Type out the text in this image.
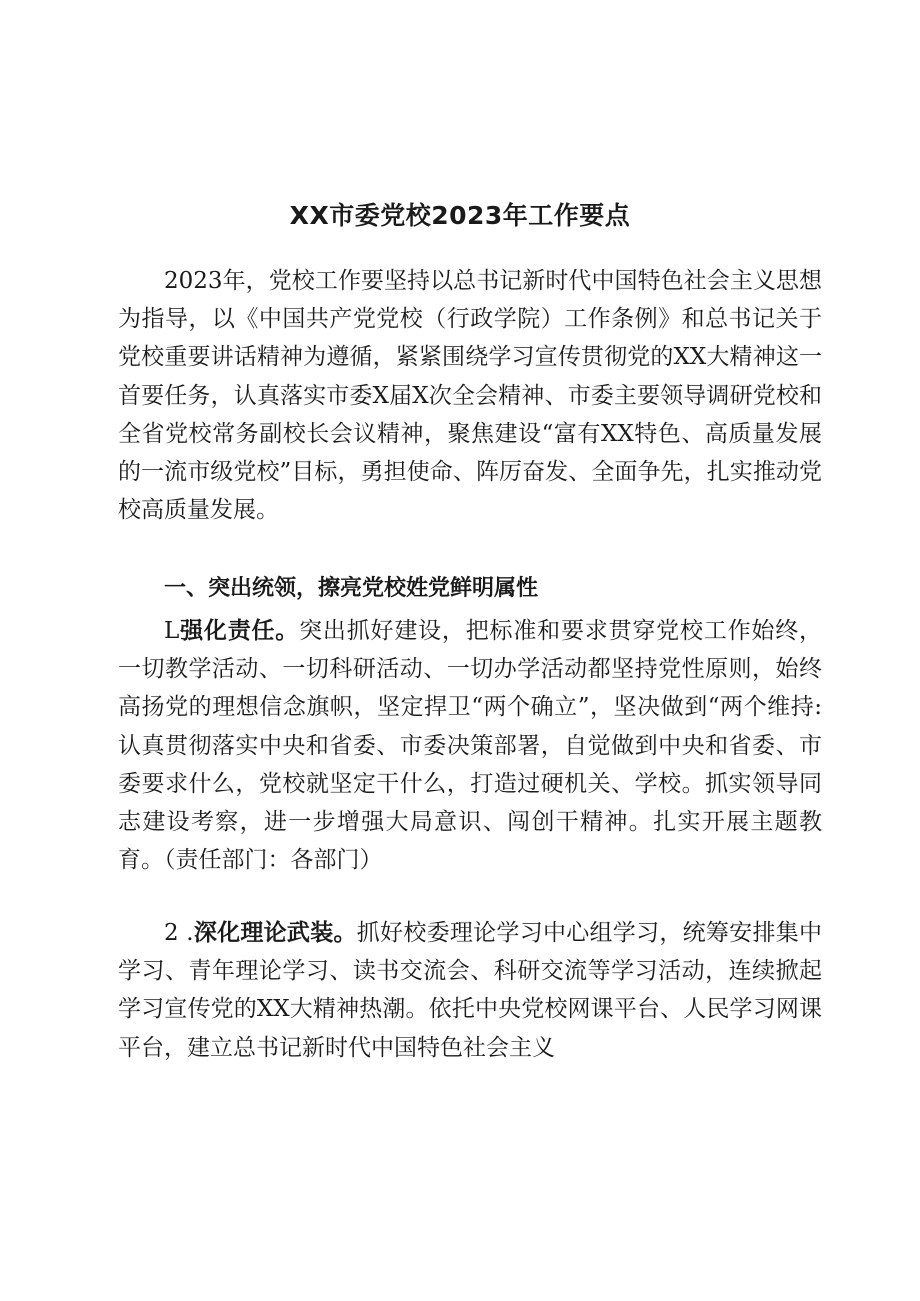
XX市委党校2023年工作要点

2023年，党校工作要坚持以总书记新时代中国特色社会主义思想为指导，以《中国共产党党校（行政学院）工作条例》和总书记关于党校重要讲话精神为遵循，紧紧围绕学习宣传贯彻党的XX大精神这一首要任务，认真落实市委X届X次全会精神、市委主要领导调研党校和全省党校常务副校长会议精神，聚焦建设“富有XX特色、高质量发展的一流市级党校”目标，勇担使命、阵厉奋发、全面争先，扎实推动党校高质量发展。

一、突出统领，擦亮党校姓党鲜明属性

L强化责任。突出抓好建设，把标准和要求贯穿党校工作始终，一切教学活动、一切科研活动、一切办学活动都坚持党性原则，始终高扬党的理想信念旗帜，坚定捍卫“两个确立”，坚决做到“两个维持:认真贯彻落实中央和省委、市委决策部署，自觉做到中央和省委、市委要求什么，党校就坚定干什么，打造过硬机关、学校。抓实领导同志建设考察，进一步增强大局意识、闯创干精神。扎实开展主题教育。（责任部门：各部门）

2 .深化理论武装。抓好校委理论学习中心组学习，统筹安排集中学习、青年理论学习、读书交流会、科研交流等学习活动，连续掀起学习宣传党的XX大精神热潮。依托中央党校网课平台、人民学习网课平台，建立总书记新时代中国特色社会主义
